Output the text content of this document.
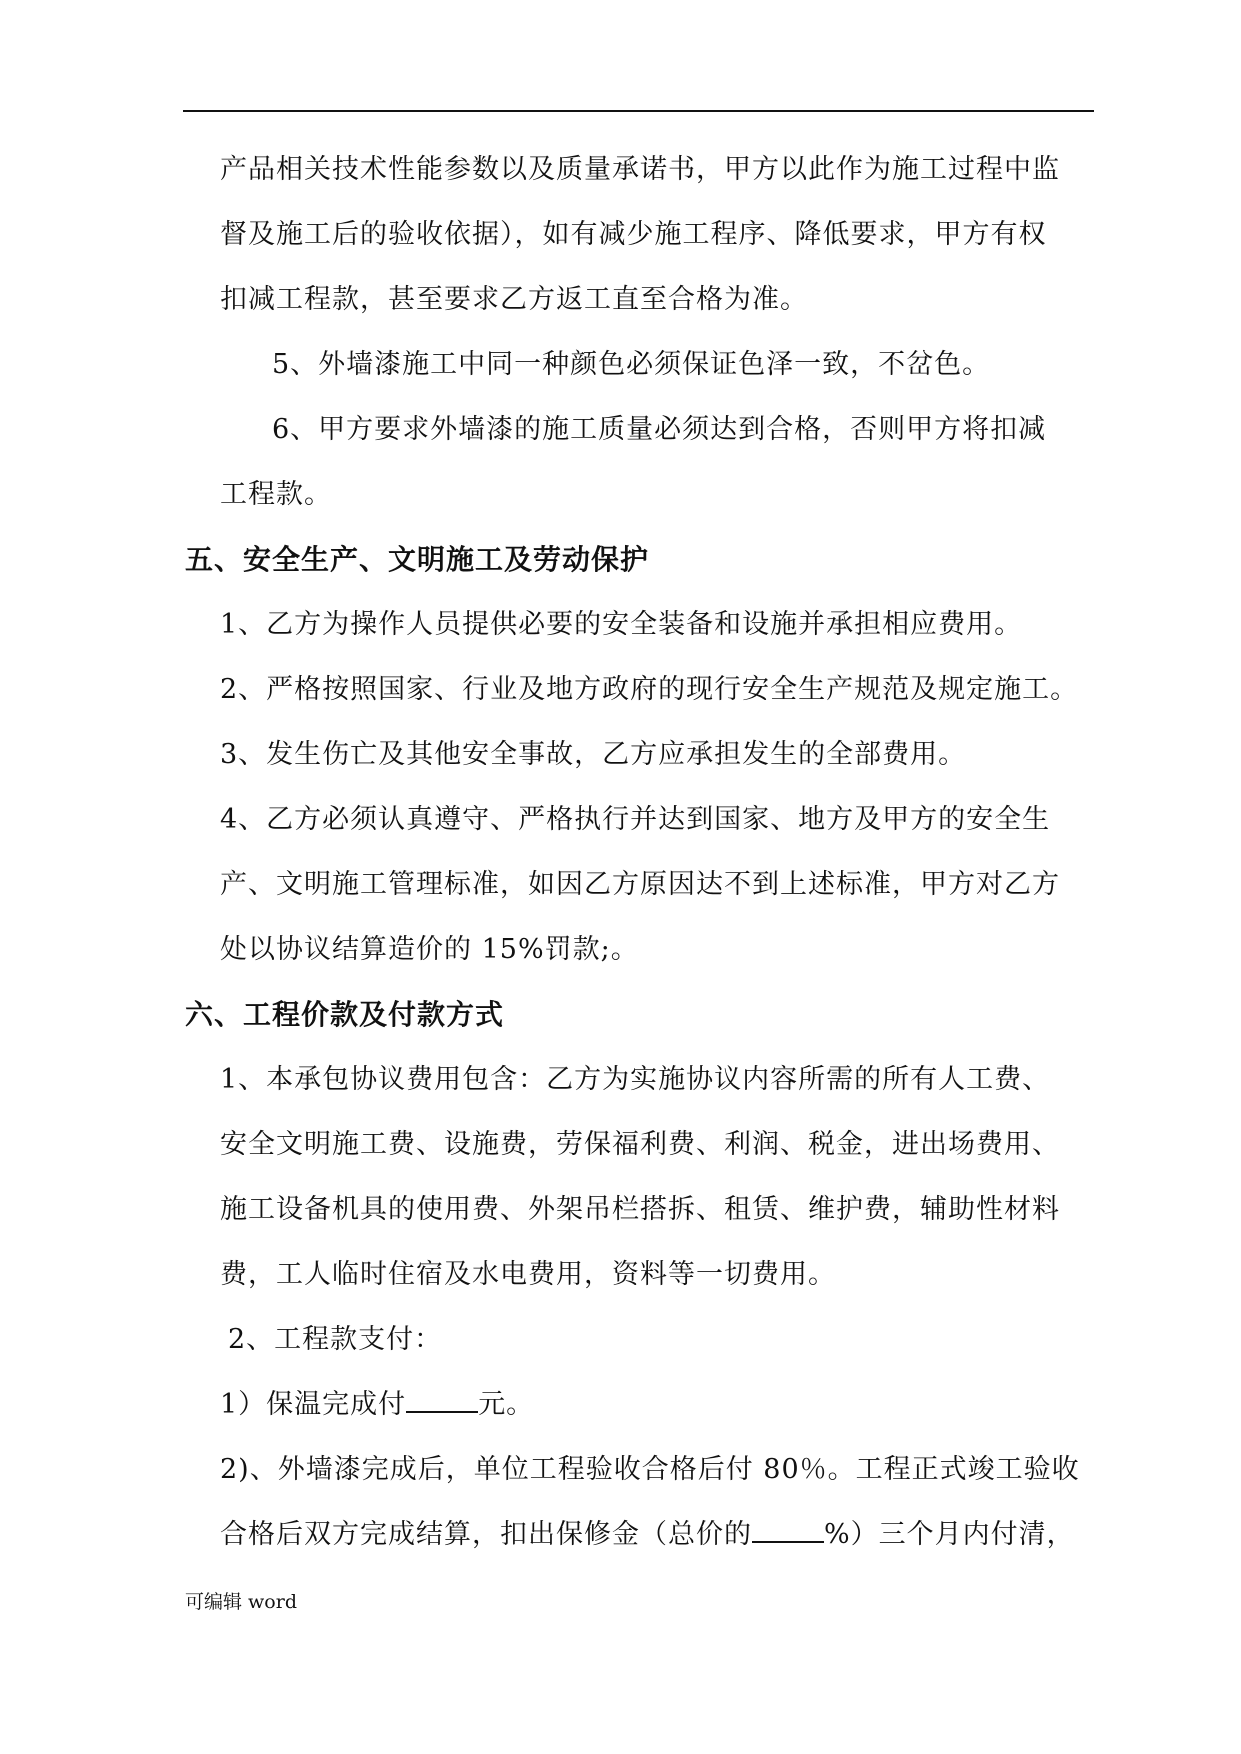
产品相关技术性能参数以及质量承诺书，甲方以此作为施工过程中监
督及施工后的验收依据），如有减少施工程序、降低要求，甲方有权
扣减工程款，甚至要求乙方返工直至合格为准。
5、外墙漆施工中同一种颜色必须保证色泽一致，不岔色。
6、甲方要求外墙漆的施工质量必须达到合格，否则甲方将扣减
工程款。
五、安全生产、文明施工及劳动保护
1、乙方为操作人员提供必要的安全装备和设施并承担相应费用。
2、严格按照国家、行业及地方政府的现行安全生产规范及规定施工。
3、发生伤亡及其他安全事故，乙方应承担发生的全部费用。
4、乙方必须认真遵守、严格执行并达到国家、地方及甲方的安全生
产、文明施工管理标准，如因乙方原因达不到上述标准，甲方对乙方
处以协议结算造价的 15%罚款;。
六、工程价款及付款方式
1、本承包协议费用包含：乙方为实施协议内容所需的所有人工费、
安全文明施工费、设施费，劳保福利费、利润、税金，进出场费用、
施工设备机具的使用费、外架吊栏搭拆、租赁、维护费，辅助性材料
费，工人临时住宿及水电费用，资料等一切费用。
2、工程款支付：
1）保温完成付	元。
2)、外墙漆完成后，单位工程验收合格后付 80％。工程正式竣工验收
合格后双方完成结算，扣出保修金（总价的	%）三个月内付清，
可编辑 word
